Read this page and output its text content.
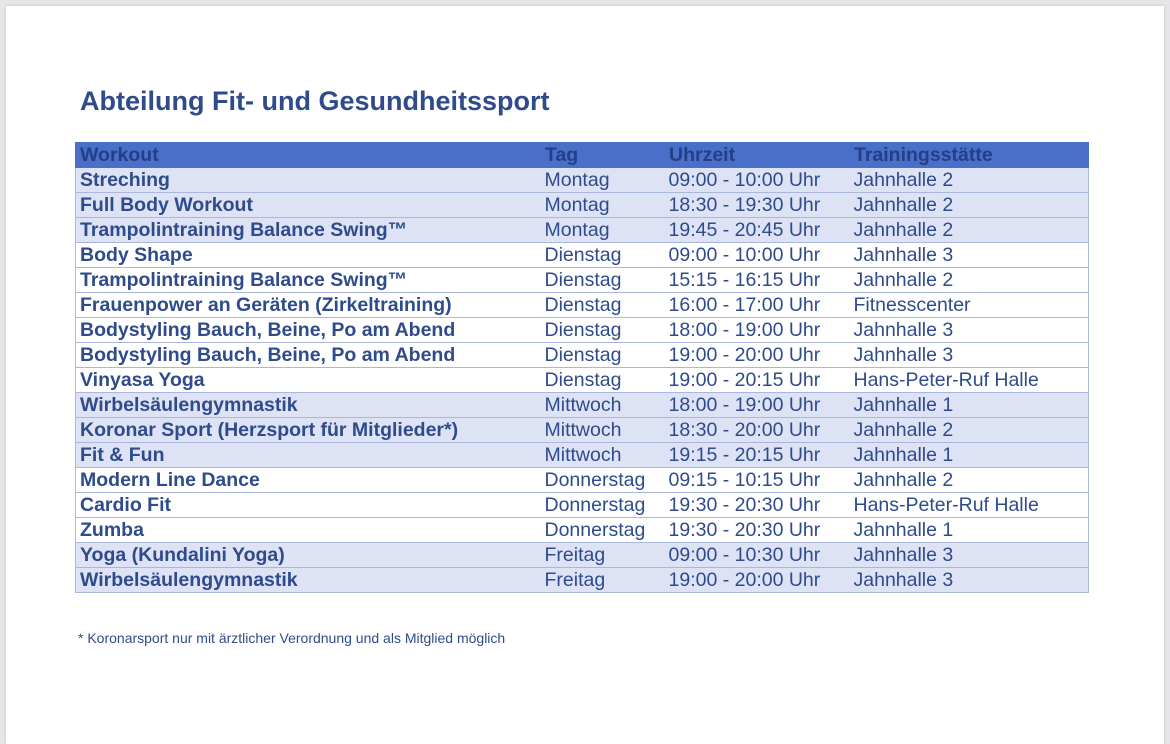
Abteilung Fit- und Gesundheitssport
Workout	Tag	Uhrzeit	Trainingsstätte
Streching	Montag	09:00 - 10:00 Uhr	Jahnhalle 2
Full Body Workout	Montag	18:30 - 19:30 Uhr	Jahnhalle 2
Trampolintraining Balance Swing™	Montag	19:45 - 20:45 Uhr	Jahnhalle 2
Body Shape	Dienstag	09:00 - 10:00 Uhr	Jahnhalle 3
Trampolintraining Balance Swing™	Dienstag	15:15 - 16:15 Uhr	Jahnhalle 2
Frauenpower an Geräten (Zirkeltraining)	Dienstag	16:00 - 17:00 Uhr	Fitnesscenter
Bodystyling Bauch, Beine, Po am Abend	Dienstag	18:00 - 19:00 Uhr	Jahnhalle 3
Bodystyling Bauch, Beine, Po am Abend	Dienstag	19:00 - 20:00 Uhr	Jahnhalle 3
Vinyasa Yoga	Dienstag	19:00 - 20:15 Uhr	Hans-Peter-Ruf Halle
Wirbelsäulengymnastik	Mittwoch	18:00 - 19:00 Uhr	Jahnhalle 1
Koronar Sport (Herzsport für Mitglieder*)	Mittwoch	18:30 - 20:00 Uhr	Jahnhalle 2
Fit & Fun	Mittwoch	19:15 - 20:15 Uhr	Jahnhalle 1
Modern Line Dance	Donnerstag	09:15 - 10:15 Uhr	Jahnhalle 2
Cardio Fit	Donnerstag	19:30 - 20:30 Uhr	Hans-Peter-Ruf Halle
Zumba	Donnerstag	19:30 - 20:30 Uhr	Jahnhalle 1
Yoga (Kundalini Yoga)	Freitag	09:00 - 10:30 Uhr	Jahnhalle 3
Wirbelsäulengymnastik	Freitag	19:00 - 20:00 Uhr	Jahnhalle 3

* Koronarsport nur mit ärztlicher Verordnung und als Mitglied möglich
